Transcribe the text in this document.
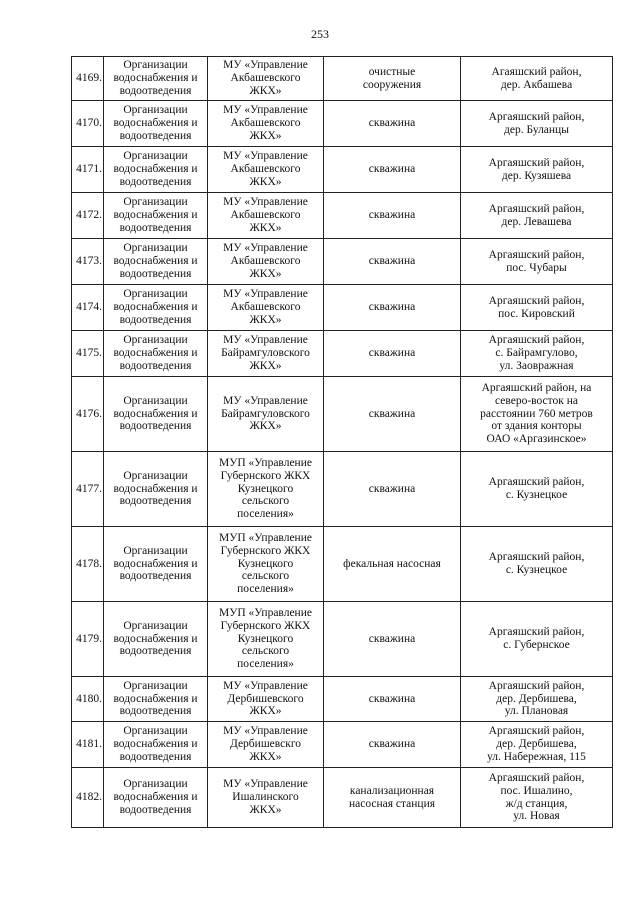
253
4169.	Организации
водоснабжения и
водоотведения	МУ «Управление
Акбашевского
ЖКХ»	очистные
сооружения	Агаяшский район,
дер. Акбашева

4170.	Организации
водоснабжения и
водоотведения	МУ «Управление
Акбашевского
ЖКХ»	скважина	Аргаяшский район,
дер. Буланцы

4171.	Организации
водоснабжения и
водоотведения	МУ «Управление
Акбашевского
ЖКХ»	скважина	Аргаяшский район,
дер. Кузяшева

4172.	Организации
водоснабжения и
водоотведения	МУ «Управление
Акбашевского
ЖКХ»	скважина	Аргаяшский район,
дер. Левашева

4173.	Организации
водоснабжения и
водоотведения	МУ «Управление
Акбашевского
ЖКХ»	скважина	Аргаяшский район,
пос. Чубары

4174.	Организации
водоснабжения и
водоотведения	МУ «Управление
Акбашевского
ЖКХ»	скважина	Аргаяшский район,
пос. Кировский

4175.	Организации
водоснабжения и
водоотведения	МУ «Управление
Байрамгуловского
ЖКХ»	скважина	Аргаяшский район,
с. Байрамгулово,
ул. Заовражная

4176.	Организации
водоснабжения и
водоотведения	МУ «Управление
Байрамгуловского
ЖКХ»	скважина	Аргаяшский район, на
северо-восток на
расстоянии 760 метров
от здания конторы
ОАО «Аргазинское»

4177.	Организации
водоснабжения и
водоотведения	МУП «Управление
Губернского ЖКХ
Кузнецкого
сельского
поселения»	скважина	Аргаяшский район,
с. Кузнецкое

4178.	Организации
водоснабжения и
водоотведения	МУП «Управление
Губернского ЖКХ
Кузнецкого
сельского
поселения»	фекальная насосная	Аргаяшский район,
с. Кузнецкое

4179.	Организации
водоснабжения и
водоотведения	МУП «Управление
Губернского ЖКХ
Кузнецкого
сельского
поселения»	скважина	Аргаяшский район,
с. Губернское

4180.	Организации
водоснабжения и
водоотведения	МУ «Управление
Дербишевского
ЖКХ»	скважина	Аргаяшский район,
дер. Дербишева,
ул. Плановая

4181.	Организации
водоснабжения и
водоотведения	МУ «Управление
Дербишевскго
ЖКХ»	скважина	Аргаяшский район,
дер. Дербишева,
ул. Набережная, 115

4182.	Организации
водоснабжения и
водоотведения	МУ «Управление
Ишалинского
ЖКХ»	канализационная
насосная станция	Аргаяшский район,
пос. Ишалино,
ж/д станция,
ул. Новая
